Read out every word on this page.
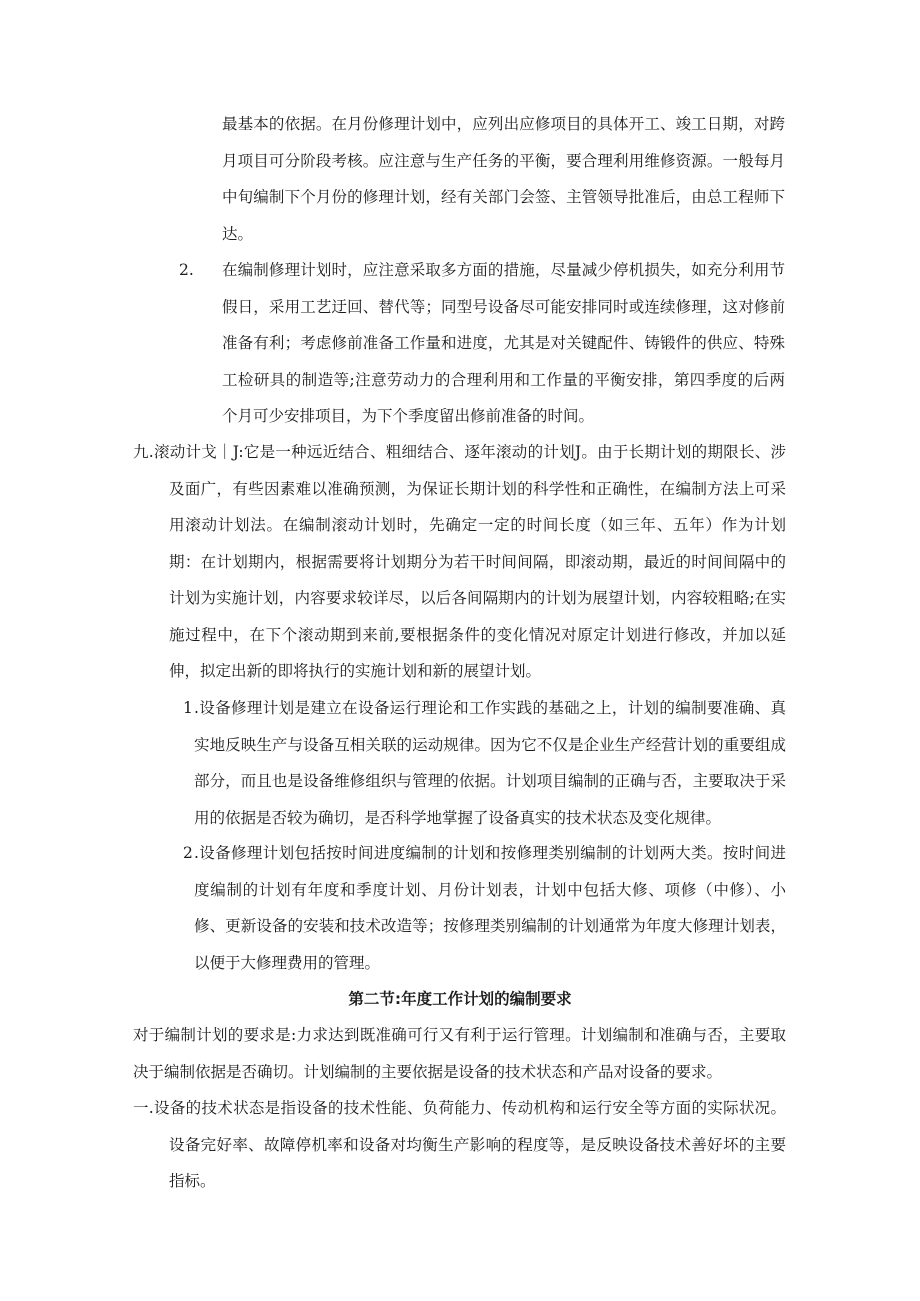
最基本的依据。在月份修理计划中，应列出应修项目的具体开工、竣工日期，对跨月项目可分阶段考核。应注意与生产任务的平衡，要合理利用维修资源。一般每月中旬编制下个月份的修理计划，经有关部门会签、主管领导批准后，由总工程师下达。

2. 在编制修理计划时，应注意采取多方面的措施，尽量减少停机损失，如充分利用节假日，采用工艺迂回、替代等；同型号设备尽可能安排同时或连续修理，这对修前准备有利；考虑修前准备工作量和进度，尤其是对关键配件、铸锻件的供应、特殊工检研具的制造等;注意劳动力的合理利用和工作量的平衡安排，第四季度的后两个月可少安排项目，为下个季度留出修前准备的时间。

九.滚动计戈｜J:它是一种远近结合、粗细结合、逐年滚动的计划J。由于长期计划的期限长、涉及面广，有些因素难以准确预测，为保证长期计划的科学性和正确性，在编制方法上可采用滚动计划法。在编制滚动计划时，先确定一定的时间长度（如三年、五年）作为计划期：在计划期内，根据需要将计划期分为若干时间间隔，即滚动期，最近的时间间隔中的计划为实施计划，内容要求较详尽，以后各间隔期内的计划为展望计划，内容较粗略;在实施过程中，在下个滚动期到来前,要根据条件的变化情况对原定计划进行修改，并加以延伸，拟定出新的即将执行的实施计划和新的展望计划。

1 .设备修理计划是建立在设备运行理论和工作实践的基础之上，计划的编制要准确、真实地反映生产与设备互相关联的运动规律。因为它不仅是企业生产经营计划的重要组成部分，而且也是设备维修组织与管理的依据。计划项目编制的正确与否，主要取决于采用的依据是否较为确切，是否科学地掌握了设备真实的技术状态及变化规律。

2 .设备修理计划包括按时间进度编制的计划和按修理类别编制的计划两大类。按时间进度编制的计划有年度和季度计划、月份计划表，计划中包括大修、项修（中修）、小修、更新设备的安装和技术改造等；按修理类别编制的计划通常为年度大修理计划表，以便于大修理费用的管理。

第二节:年度工作计划的编制要求

对于编制计划的要求是:力求达到既准确可行又有利于运行管理。计划编制和准确与否，主要取决于编制依据是否确切。计划编制的主要依据是设备的技术状态和产品对设备的要求。

一.设备的技术状态是指设备的技术性能、负荷能力、传动机构和运行安全等方面的实际状况。设备完好率、故障停机率和设备对均衡生产影响的程度等，是反映设备技术善好坏的主要指标。
